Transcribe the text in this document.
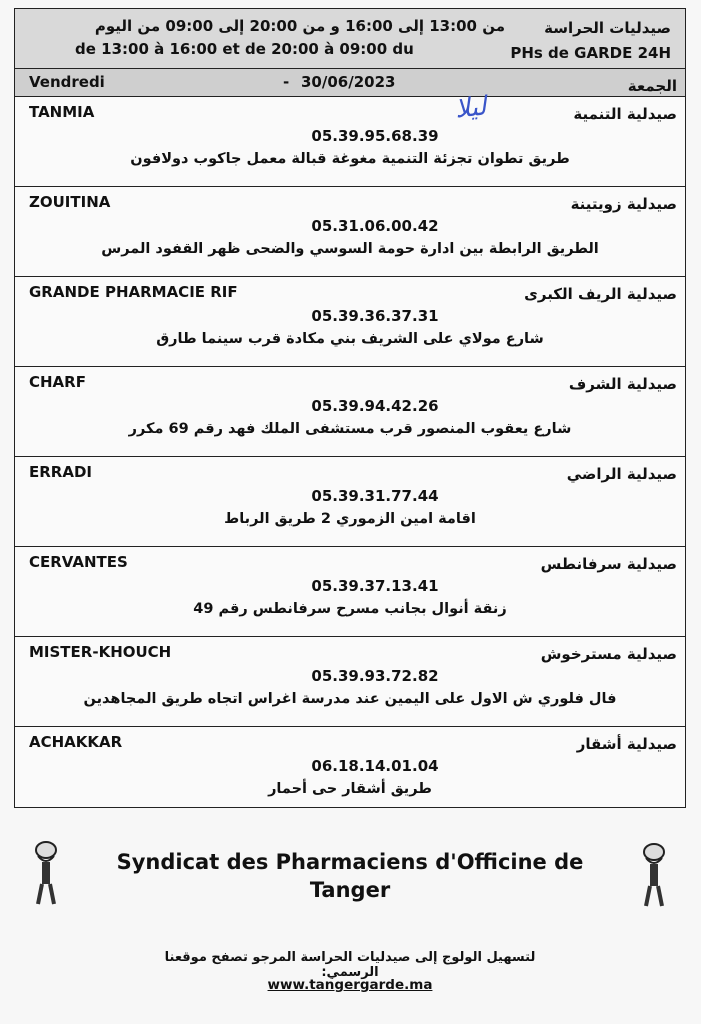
من 13:00 إلى 16:00 و من 20:00 إلى 09:00 من اليوم	صيدليات الحراسة
de 13:00 à 16:00 et de 20:00 à 09:00 du	PHs de GARDE 24H
Vendredi	- 30/06/2023	الجمعة
TANMIA	صيدلية التنمية
05.39.95.68.39
طريق تطوان تجزئة التنمية مغوغة قبالة معمل جاكوب دولافون
ZOUITINA	صيدلية زويتينة
05.31.06.00.42
الطريق الرابطة بين ادارة حومة السوسي والضحى ظهر القفود المرس
GRANDE PHARMACIE RIF	صيدلية الريف الكبرى
05.39.36.37.31
شارع مولاي على الشريف بني مكادة قرب سينما طارق
CHARF	صيدلية الشرف
05.39.94.42.26
شارع يعقوب المنصور قرب مستشفى الملك فهد رقم 69 مكرر
ERRADI	صيدلية الراضي
05.39.31.77.44
اقامة امين الزموري 2 طريق الرباط
CERVANTES	صيدلية سرفانطس
05.39.37.13.41
زنقة أنوال بجانب مسرح سرفانطس رقم 49
MISTER-KHOUCH	صيدلية مسترخوش
05.39.93.72.82
فال فلوري ش الاول على اليمين عند مدرسة اغراس اتجاه طريق المجاهدين
ACHAKKAR	صيدلية أشقار
06.18.14.01.04
طريق أشقار حى أحمار
ليلا
Syndicat des Pharmaciens d'Officine de
Tanger
لتسهيل الولوج إلى صيدليات الحراسة المرجو تصفح موقعنا الرسمي:
www.tangergarde.ma
